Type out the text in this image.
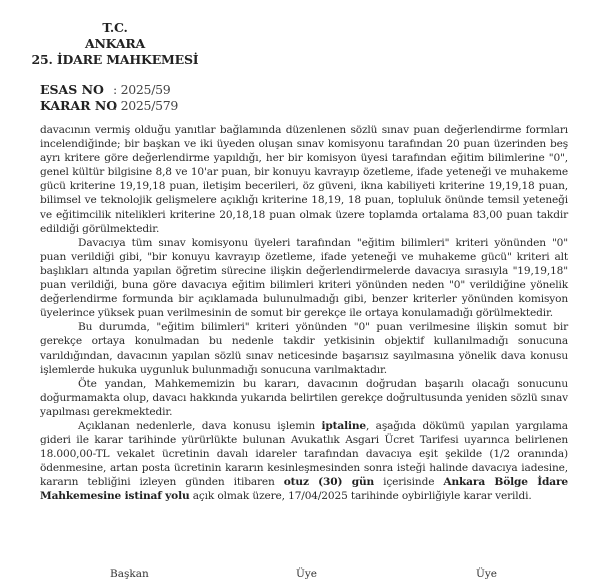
T.C.
ANKARA
25. İDARE MAHKEMESİ
ESAS NO : 2025/59
KARAR NO
: 2025/579

davacının vermiş olduğu yanıtlar bağlamında düzenlenen sözlü sınav puan değerlendirme formları incelendiğinde; bir başkan ve iki üyeden oluşan sınav komisyonu tarafından 20 puan üzerinden beş ayrı kritere göre değerlendirme yapıldığı, her bir komisyon üyesi tarafından eğitim bilimlerine "0", genel kültür bilgisine 8,8 ve 10'ar puan, bir konuyu kavrayıp özetleme, ifade yeteneği ve muhakeme gücü kriterine 19,19,18 puan, iletişim becerileri, öz güveni, ikna kabiliyeti kriterine 19,19,18 puan, bilimsel ve teknolojik gelişmelere açıklığı kriterine 18,19, 18 puan, topluluk önünde temsil yeteneği ve eğitimcilik nitelikleri kriterine 20,18,18 puan olmak üzere toplamda ortalama 83,00 puan takdir edildiği görülmektedir.

Davacıya tüm sınav komisyonu üyeleri tarafından "eğitim bilimleri" kriteri yönünden "0" puan verildiği gibi, "bir konuyu kavrayıp özetleme, ifade yeteneği ve muhakeme gücü" kriteri alt başlıkları altında yapılan öğretim sürecine ilişkin değerlendirmelerde davacıya sırasıyla "19,19,18" puan verildiği, buna göre davacıya eğitim bilimleri kriteri yönünden neden "0" verildiğine yönelik değerlendirme formunda bir açıklamada bulunulmadığı gibi, benzer kriterler yönünden komisyon üyelerince yüksek puan verilmesinin de somut bir gerekçe ile ortaya konulamadığı görülmektedir.

Bu durumda, "eğitim bilimleri" kriteri yönünden "0" puan verilmesine ilişkin somut bir gerekçe ortaya konulmadan bu nedenle takdir yetkisinin objektif kullanılmadığı sonucuna varıldığından, davacının yapılan sözlü sınav neticesinde başarısız sayılmasına yönelik dava konusu işlemlerde hukuka uygunluk bulunmadığı sonucuna varılmaktadır.

Öte yandan, Mahkememizin bu kararı, davacının doğrudan başarılı olacağı sonucunu doğurmamakta olup, davacı hakkında yukarıda belirtilen gerekçe doğrultusunda yeniden sözlü sınav yapılması gerekmektedir.

Açıklanan nedenlerle, dava konusu işlemin iptaline, aşağıda dökümü yapılan yargılama gideri ile karar tarihinde yürürlükte bulunan Avukatlık Asgari Ücret Tarifesi uyarınca belirlenen 18.000,00-TL vekalet ücretinin davalı idareler tarafından davacıya eşit şekilde (1/2 oranında) ödenmesine, artan posta ücretinin kararın kesinleşmesinden sonra isteği halinde davacıya iadesine, kararın tebliğini izleyen günden itibaren otuz (30) gün içerisinde Ankara Bölge İdare Mahkemesine istinaf yolu açık olmak üzere, 17/04/2025 tarihinde oybirliğiyle karar verildi.

Başkan	Üye	Üye
